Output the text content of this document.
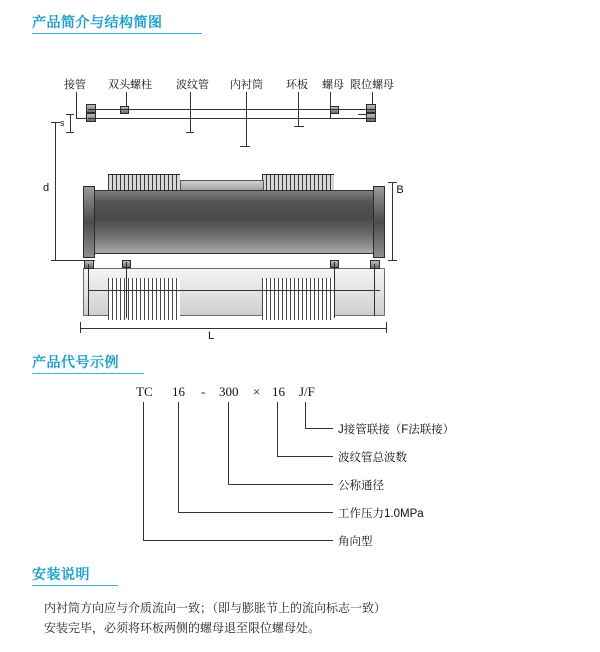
产品简介与结构简图
接管 双头螺柱 波纹管 内衬筒 环板 螺母 限位螺母
s
d	B
L
产品代号示例
TC 16 - 300 × 16 J/F
J接管联接（F法联接）
波纹管总波数
公称通径
工作压力1.0MPa
角向型
安装说明
内衬筒方向应与介质流向一致；（即与膨胀节上的流向标志一致）
安装完毕，必须将环板两侧的螺母退至限位螺母处。
